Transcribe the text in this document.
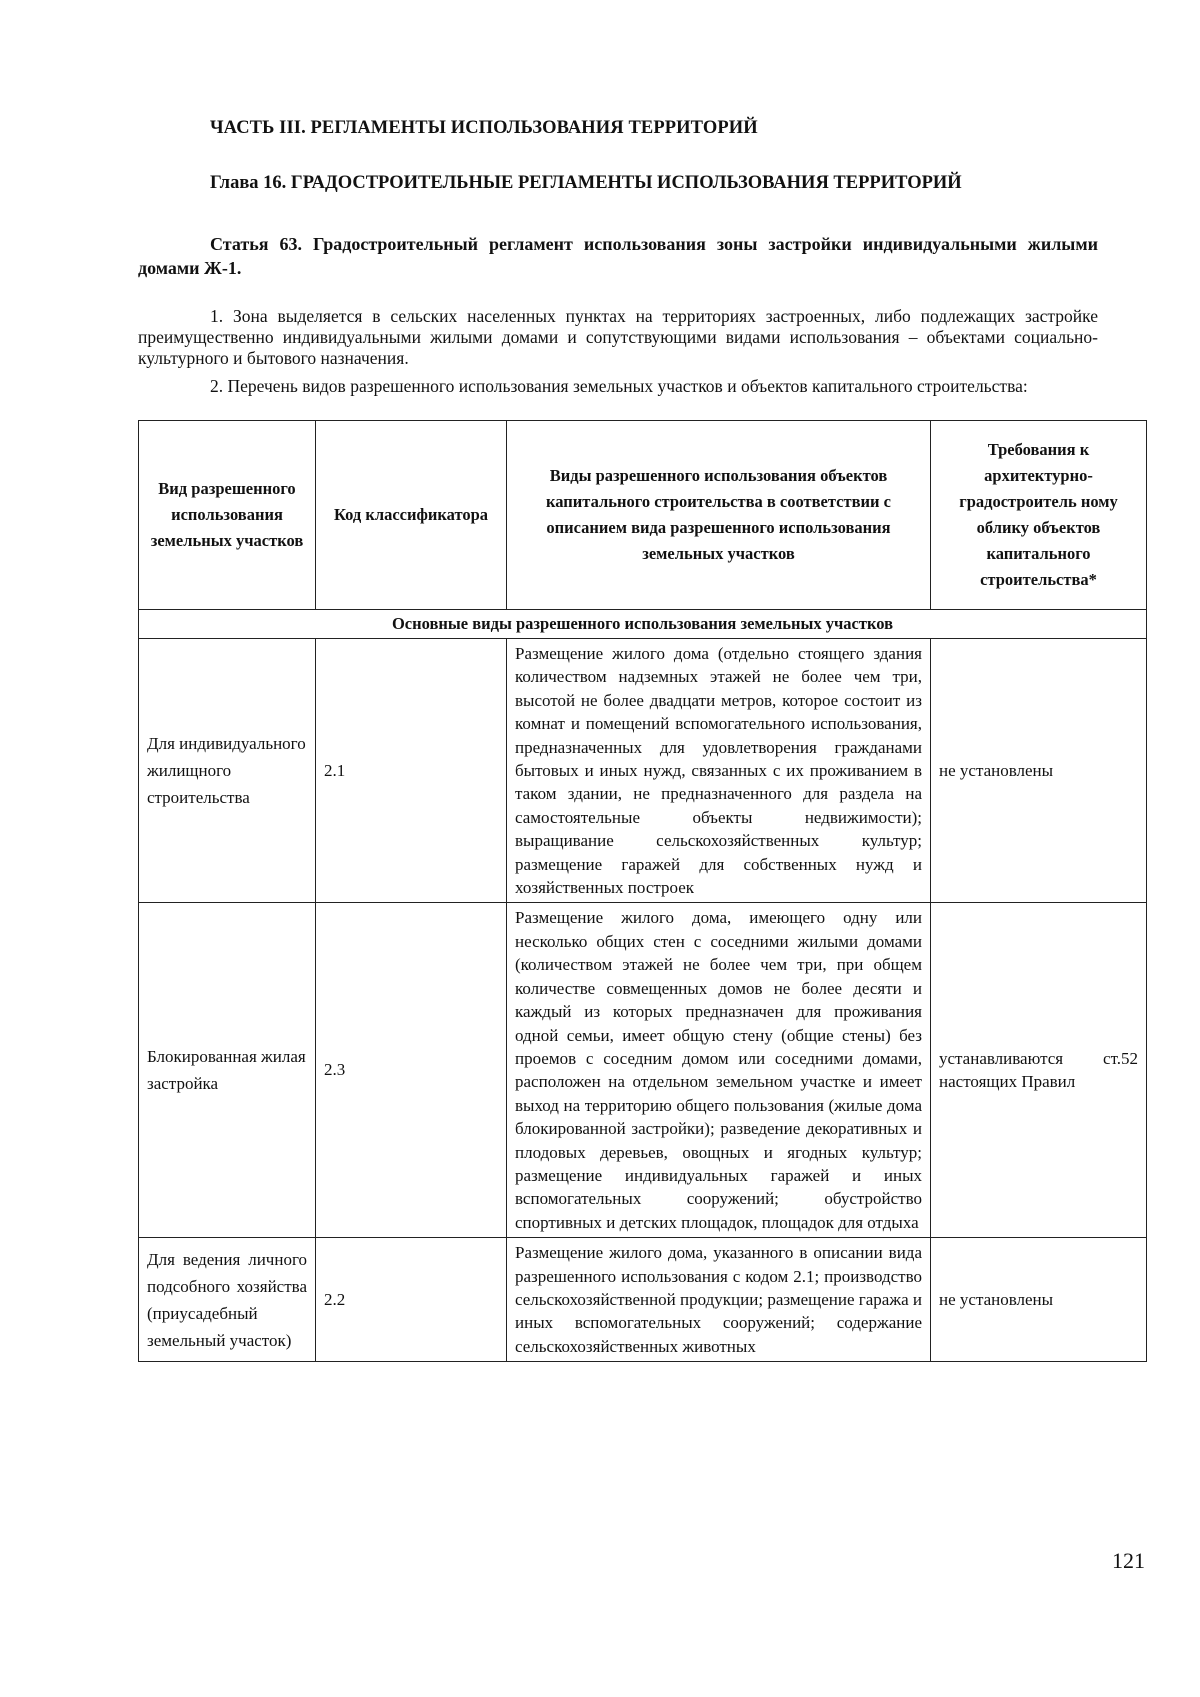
ЧАСТЬ III. РЕГЛАМЕНТЫ ИСПОЛЬЗОВАНИЯ ТЕРРИТОРИЙ
Глава 16. ГРАДОСТРОИТЕЛЬНЫЕ РЕГЛАМЕНТЫ ИСПОЛЬЗОВАНИЯ ТЕРРИТОРИЙ
Статья 63. Градостроительный регламент использования зоны застройки индивидуальными жилыми домами Ж-1.
1. Зона выделяется в сельских населенных пунктах на территориях застроенных, либо подлежащих застройке преимущественно индивидуальными жилыми домами и сопутствующими видами использования – объектами социально-культурного и бытового назначения.
2. Перечень видов разрешенного использования земельных участков и объектов капитального строительства:
Вид разрешенного использования земельных участков	Код классификатора	Виды разрешенного использования объектов капитального строительства в соответствии с описанием вида разрешенного использования земельных участков	Требования к архитектурно-градостроитель ному облику объектов капитального строительства*
Основные виды разрешенного использования земельных участков			
Для индивидуального жилищного строительства	2.1	Размещение жилого дома (отдельно стоящего здания количеством надземных этажей не более чем три, высотой не более двадцати метров, которое состоит из комнат и помещений вспомогательного использования, предназначенных для удовлетворения гражданами бытовых и иных нужд, связанных с их проживанием в таком здании, не предназначенного для раздела на самостоятельные объекты недвижимости); выращивание сельскохозяйственных культур; размещение гаражей для собственных нужд и хозяйственных построек	не установлены
Блокированная жилая застройка	2.3	Размещение жилого дома, имеющего одну или несколько общих стен с соседними жилыми домами (количеством этажей не более чем три, при общем количестве совмещенных домов не более десяти и каждый из которых предназначен для проживания одной семьи, имеет общую стену (общие стены) без проемов с соседним домом или соседними домами, расположен на отдельном земельном участке и имеет выход на территорию общего пользования (жилые дома блокированной застройки); разведение декоративных и плодовых деревьев, овощных и ягодных культур; размещение индивидуальных гаражей и иных вспомогательных сооружений; обустройство спортивных и детских площадок, площадок для отдыха	устанавливаются ст.52 настоящих Правил
Для ведения личного подсобного хозяйства (приусадебный земельный участок)	2.2	Размещение жилого дома, указанного в описании вида разрешенного использования с кодом 2.1; производство сельскохозяйственной продукции; размещение гаража и иных вспомогательных сооружений; содержание сельскохозяйственных животных	не установлены
121
